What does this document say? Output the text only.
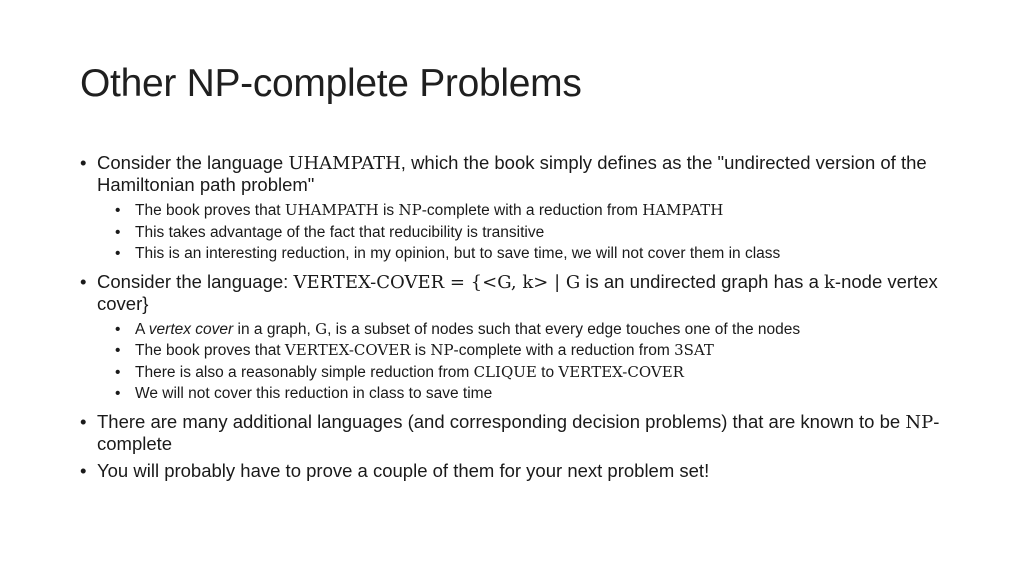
Other NP-complete Problems
• Consider the language UHAMPATH, which the book simply defines as the "undirected version of the Hamiltonian path problem"
• The book proves that UHAMPATH is NP-complete with a reduction from HAMPATH
• This takes advantage of the fact that reducibility is transitive
• This is an interesting reduction, in my opinion, but to save time, we will not cover them in class
• Consider the language: VERTEX-COVER = {<G, k> | G is an undirected graph has a k-node vertex cover}
• A vertex cover in a graph, G, is a subset of nodes such that every edge touches one of the nodes
• The book proves that VERTEX-COVER is NP-complete with a reduction from 3SAT
• There is also a reasonably simple reduction from CLIQUE to VERTEX-COVER
• We will not cover this reduction in class to save time
• There are many additional languages (and corresponding decision problems) that are known to be NP-complete
• You will probably have to prove a couple of them for your next problem set!
